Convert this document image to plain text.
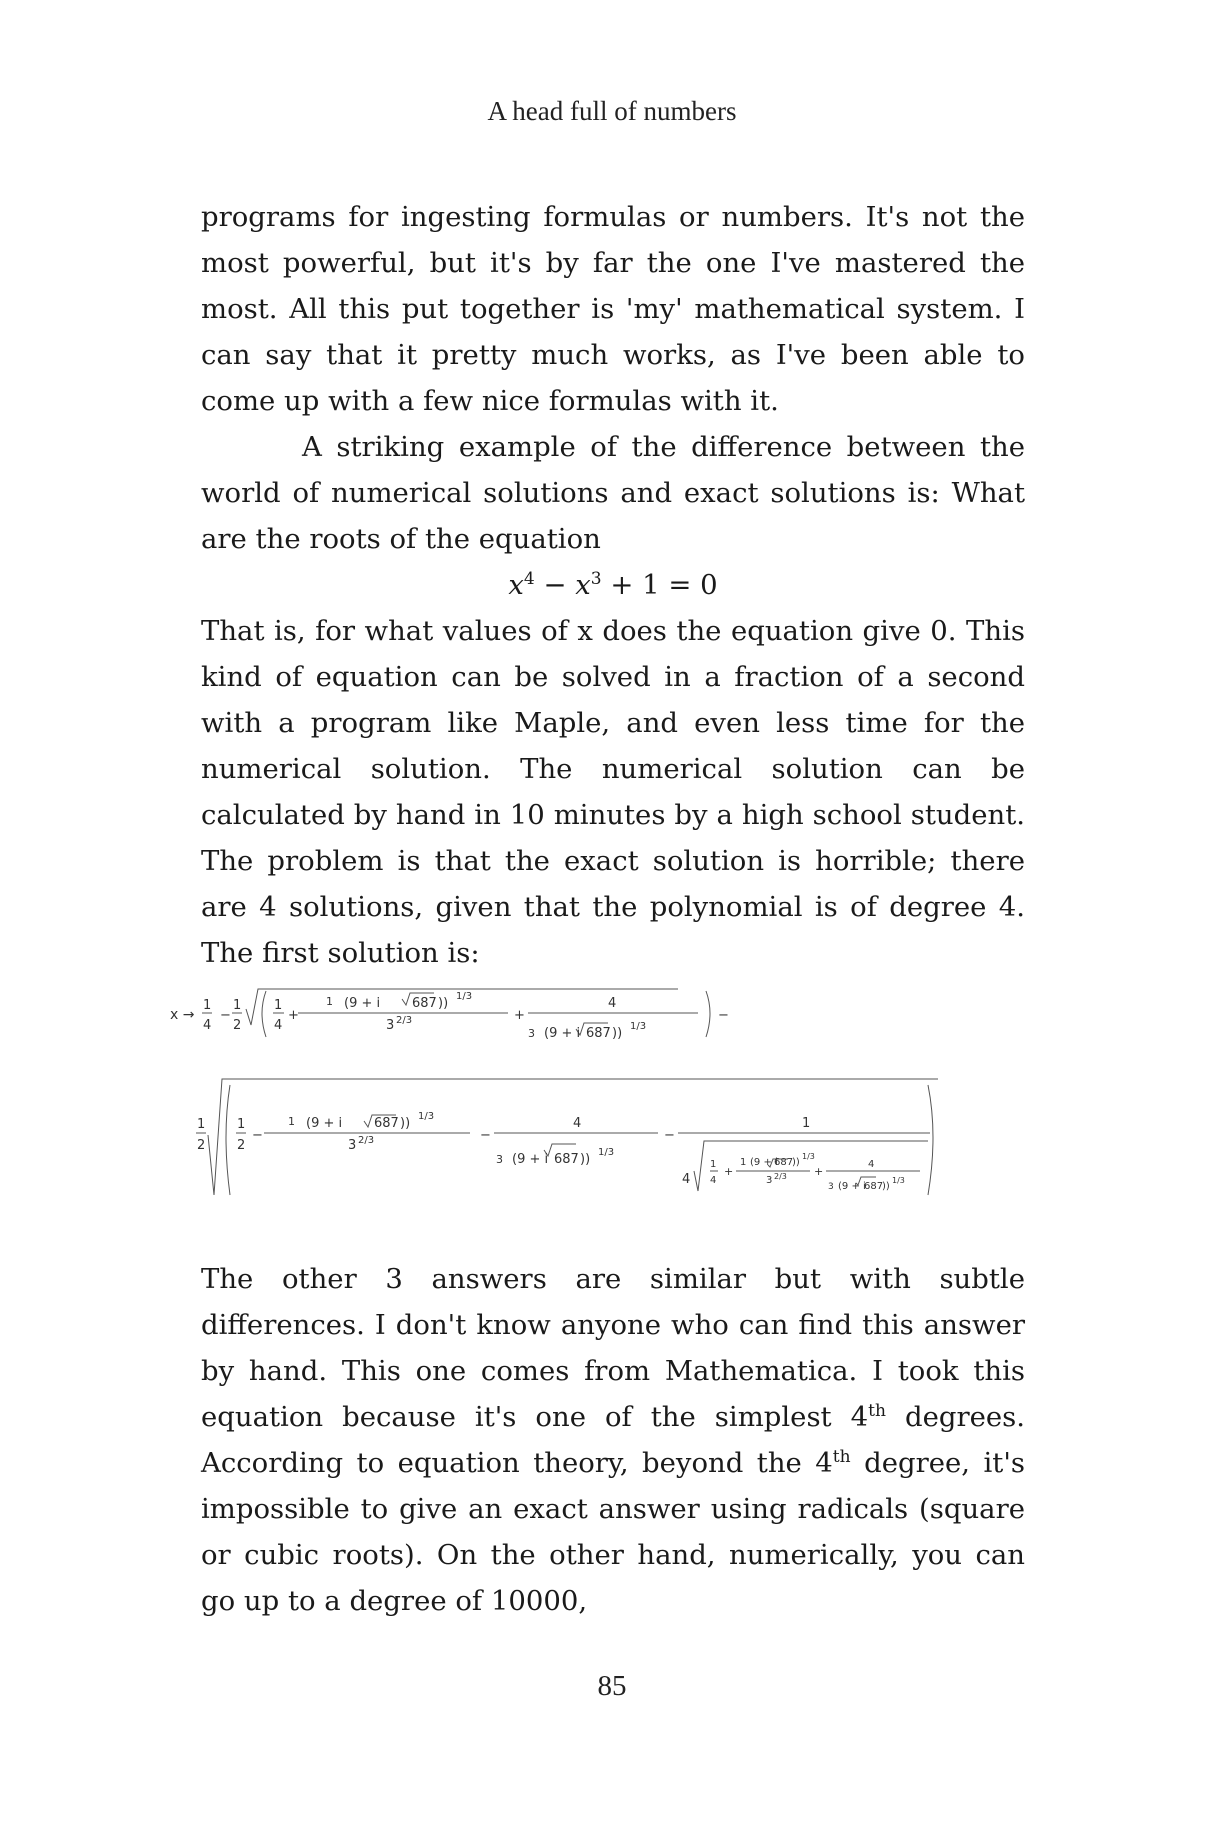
A head full of numbers

programs for ingesting formulas or numbers. It's not the most powerful, but it's by far the one I've mastered the most. All this put together is 'my' mathematical system. I can say that it pretty much works, as I've been able to come up with a few nice formulas with it.

A striking example of the difference between the world of numerical solutions and exact solutions is: What are the roots of the equation

$x^4 - x^3 + 1 = 0$

That is, for what values of x does the equation give 0. This kind of equation can be solved in a fraction of a second with a program like Maple, and even less time for the numerical solution. The numerical solution can be calculated by hand in 10 minutes by a high school student. The problem is that the exact solution is horrible; there are 4 solutions, given that the polynomial is of degree 4. The first solution is:

x →
1
4
−
1
2
1
4
+
1 (9 + i 687 )) 1/3
3 2/3	+
4
3 (9 + i 687 )) 1/3
−
1
2
1
2
−
1 (9 + i 687 )) 1/3
3 2/3	−
4
3 (9 + i 687 )) 1/3
−
1
4
1
4
+
1 (9 + i
687
))
1/3
3 2/3 +
4
3 (9 + i
687
))
1/3

The other 3 answers are similar but with subtle differences. I don't know anyone who can find this answer by hand. This one comes from Mathematica. I took this equation because it's one of the simplest 4th degrees. According to equation theory, beyond the 4th degree, it's impossible to give an exact answer using radicals (square or cubic roots). On the other hand, numerically, you can go up to a degree of 10000,

85
